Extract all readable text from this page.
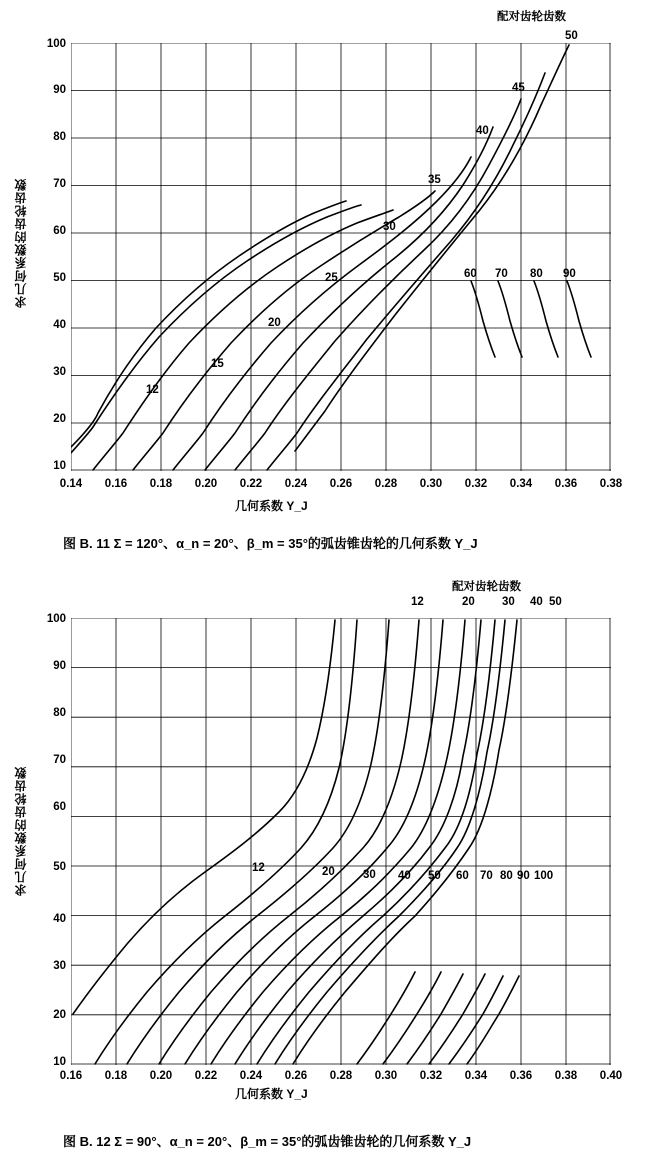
配对齿轮齿数
求几何系数的齿轮齿数
几何系数 Y_J
图 B. 11 Σ = 120°、α_n = 20°、β_m = 35°的弧齿锥齿轮的几何系数 Y_J
100
90
80
70
60
50
40
30
20
10
0.14	0.16	0.18	0.20	0.22	0.24	0.26	0.28	0.30	0.32	0.34	0.36	0.38
12
15
20
25
30
35
40
45
50
60 70 80 90
配对齿轮齿数
12	20 30 40 50
求几何系数的齿轮齿数
几何系数 Y_J
图 B. 12 Σ = 90°、α_n = 20°、β_m = 35°的弧齿锥齿轮的几何系数 Y_J
100
90
80
70
60
50
40
30
20
10
0.16	0.18	0.20	0.22	0.24	0.26	0.28	0.30	0.32	0.34	0.36	0.38	0.40
12	20 30 40 50 60 70 80 90 100
